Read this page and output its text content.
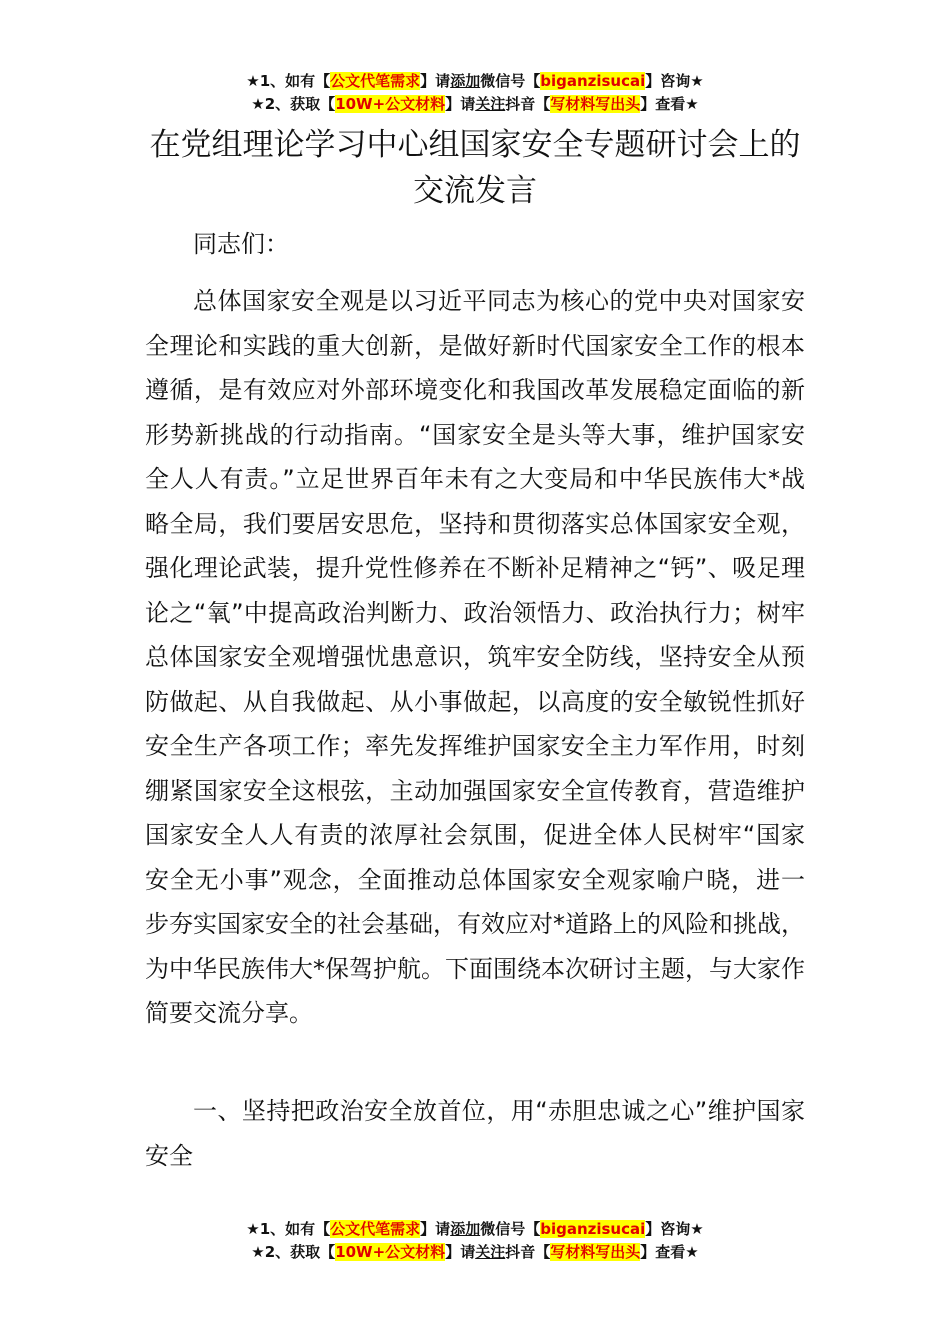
★1、如有【公文代笔需求】请添加微信号【biganzisucai】咨询★
★2、获取【10W+公文材料】请关注抖音【写材料写出头】查看★
在党组理论学习中心组国家安全专题研讨会上的交流发言

同志们：

总体国家安全观是以习近平同志为核心的党中央对国家安全理论和实践的重大创新，是做好新时代国家安全工作的根本遵循，是有效应对外部环境变化和我国改革发展稳定面临的新形势新挑战的行动指南。“国家安全是头等大事，维护国家安全人人有责。”立足世界百年未有之大变局和中华民族伟大*战略全局，我们要居安思危，坚持和贯彻落实总体国家安全观，强化理论武装，提升党性修养在不断补足精神之“钙”、吸足理论之“氧”中提高政治判断力、政治领悟力、政治执行力；树牢总体国家安全观增强忧患意识，筑牢安全防线，坚持安全从预防做起、从自我做起、从小事做起，以高度的安全敏锐性抓好安全生产各项工作；率先发挥维护国家安全主力军作用，时刻绷紧国家安全这根弦，主动加强国家安全宣传教育，营造维护国家安全人人有责的浓厚社会氛围，促进全体人民树牢“国家安全无小事”观念，全面推动总体国家安全观家喻户晓，进一步夯实国家安全的社会基础，有效应对*道路上的风险和挑战，为中华民族伟大*保驾护航。下面围绕本次研讨主题，与大家作简要交流分享。

一、坚持把政治安全放首位，用“赤胆忠诚之心”维护国家安全

★1、如有【公文代笔需求】请添加微信号【biganzisucai】咨询★
★2、获取【10W+公文材料】请关注抖音【写材料写出头】查看★
